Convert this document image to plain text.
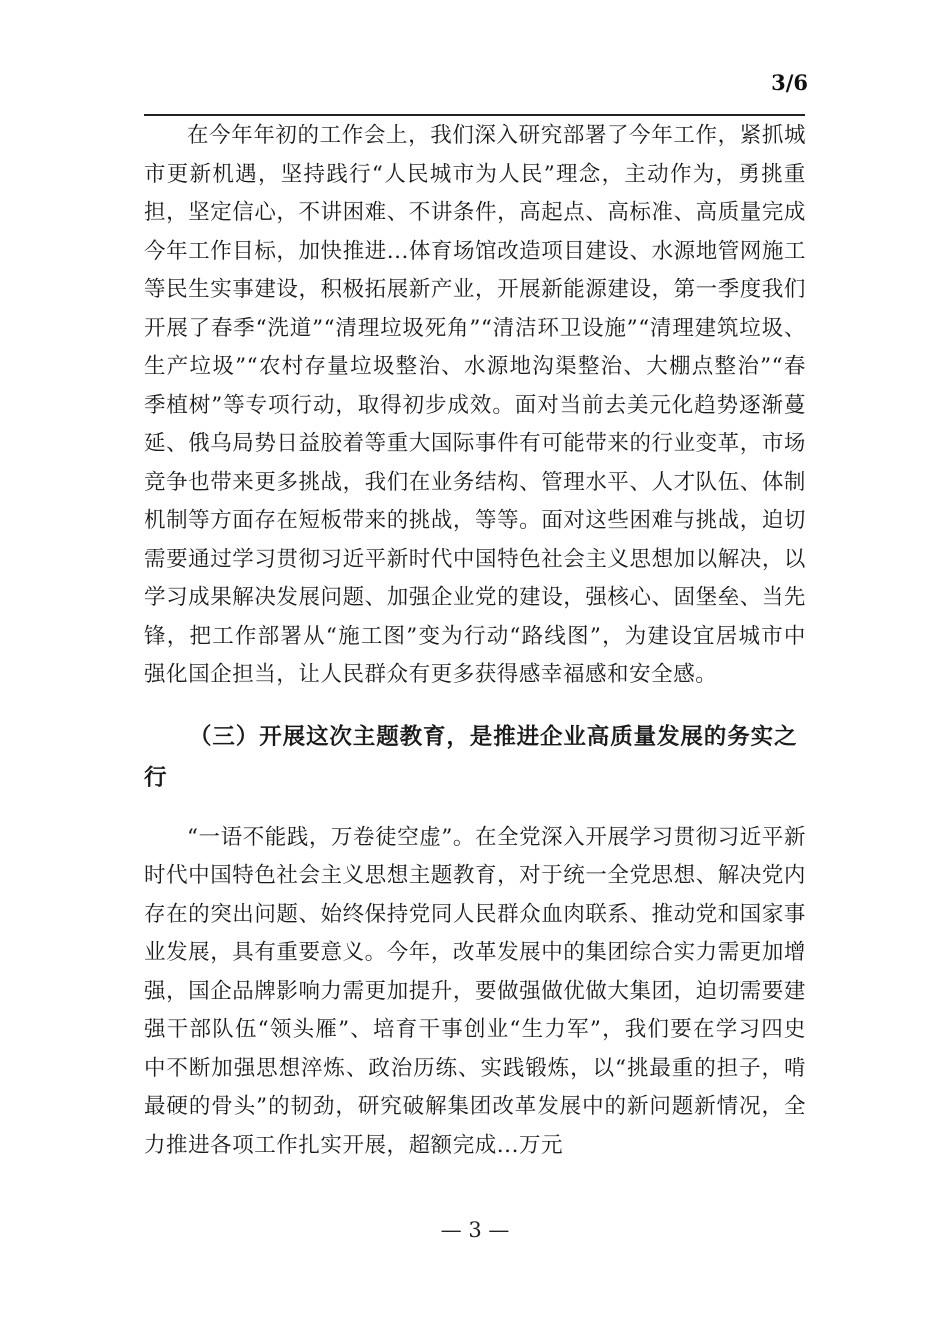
3/6

在今年年初的工作会上，我们深入研究部署了今年工作，紧抓城市更新机遇，坚持践行“人民城市为人民”理念，主动作为，勇挑重担，坚定信心，不讲困难、不讲条件，高起点、高标准、高质量完成今年工作目标，加快推进...体育场馆改造项目建设、水源地管网施工等民生实事建设，积极拓展新产业，开展新能源建设，第一季度我们开展了春季“洗道”“清理垃圾死角”“清洁环卫设施”“清理建筑垃圾、生产垃圾”“农村存量垃圾整治、水源地沟渠整治、大棚点整治”“春季植树”等专项行动，取得初步成效。面对当前去美元化趋势逐渐蔓延、俄乌局势日益胶着等重大国际事件有可能带来的行业变革，市场竞争也带来更多挑战，我们在业务结构、管理水平、人才队伍、体制机制等方面存在短板带来的挑战，等等。面对这些困难与挑战，迫切需要通过学习贯彻习近平新时代中国特色社会主义思想加以解决，以学习成果解决发展问题、加强企业党的建设，强核心、固堡垒、当先锋，把工作部署从“施工图”变为行动“路线图”，为建设宜居城市中强化国企担当，让人民群众有更多获得感幸福感和安全感。

（三）开展这次主题教育，是推进企业高质量发展的务实之行

“一语不能践，万卷徒空虚”。在全党深入开展学习贯彻习近平新时代中国特色社会主义思想主题教育，对于统一全党思想、解决党内存在的突出问题、始终保持党同人民群众血肉联系、推动党和国家事业发展，具有重要意义。今年，改革发展中的集团综合实力需更加增强，国企品牌影响力需更加提升，要做强做优做大集团，迫切需要建强干部队伍“领头雁”、培育干事创业“生力军”，我们要在学习四史中不断加强思想淬炼、政治历练、实践锻炼，以“挑最重的担子，啃最硬的骨头”的韧劲，研究破解集团改革发展中的新问题新情况，全力推进各项工作扎实开展，超额完成...万元

— 3 —
